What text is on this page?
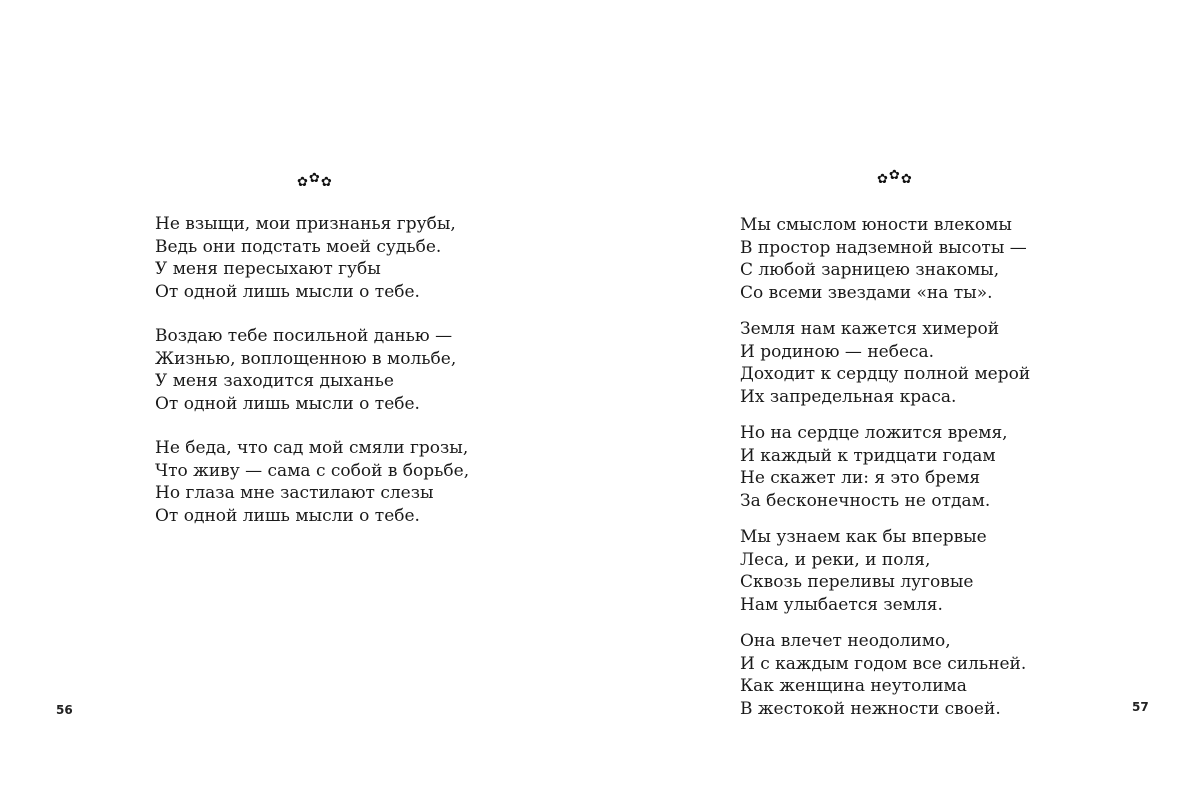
✿✿✿
Не взыщи, мои признанья грубы,
Ведь они подстать моей судьбе.
У меня пересыхают губы
От одной лишь мысли о тебе.
Воздаю тебе посильной данью —
Жизнью, воплощенною в мольбе,
У меня заходится дыханье
От одной лишь мысли о тебе.
Не беда, что сад мой смяли грозы,
Что живу — сама с собой в борьбе,
Но глаза мне застилают слезы
От одной лишь мысли о тебе.
56
✿✿✿
Мы смыслом юности влекомы
В простор надземной высоты —
С любой зарницею знакомы,
Со всеми звездами «на ты».
Земля нам кажется химерой
И родиною — небеса.
Доходит к сердцу полной мерой
Их запредельная краса.
Но на сердце ложится время,
И каждый к тридцати годам
Не скажет ли: я это бремя
За бесконечность не отдам.
Мы узнаем как бы впервые
Леса, и реки, и поля,
Сквозь переливы луговые
Нам улыбается земля.
Она влечет неодолимо,
И с каждым годом все сильней.
Как женщина неутолима
В жестокой нежности своей.	57
